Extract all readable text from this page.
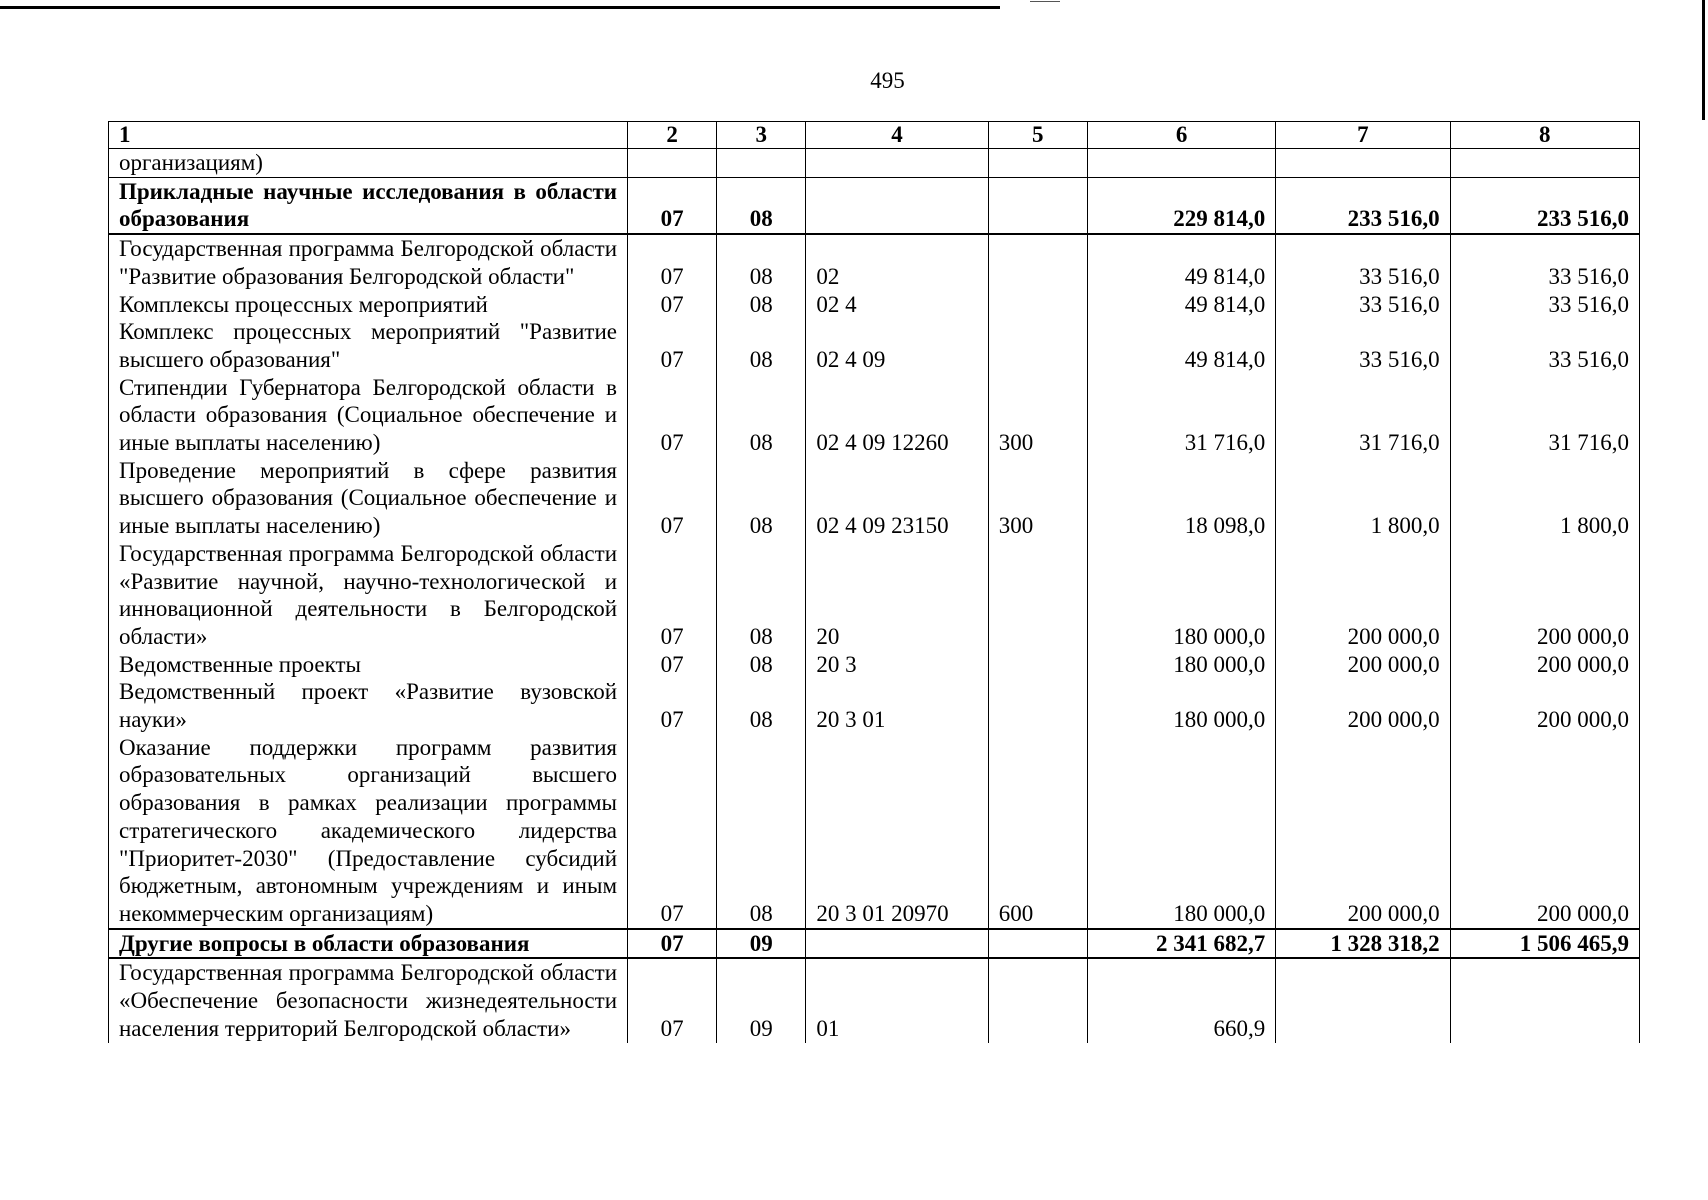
495
1	2	3	4	5	6	7	8
организациям)							
Прикладные научные исследования в области образования	07	08			229 814,0	233 516,0	233 516,0
Государственная программа Белгородской области "Развитие образования Белгородской области"	07	08	02		49 814,0	33 516,0	33 516,0
Комплексы процессных мероприятий	07	08	02 4		49 814,0	33 516,0	33 516,0
Комплекс процессных мероприятий "Развитие высшего образования"	07	08	02 4 09		49 814,0	33 516,0	33 516,0
Стипендии Губернатора Белгородской области в области образования (Социальное обеспечение и иные выплаты населению)	07	08	02 4 09 12260	300	31 716,0	31 716,0	31 716,0
Проведение мероприятий в сфере развития высшего образования (Социальное обеспечение и иные выплаты населению)	07	08	02 4 09 23150	300	18 098,0	1 800,0	1 800,0
Государственная программа Белгородской области «Развитие научной, научно-технологической и инновационной деятельности в Белгородской области»	07	08	20		180 000,0	200 000,0	200 000,0
Ведомственные проекты	07	08	20 3		180 000,0	200 000,0	200 000,0
Ведомственный проект «Развитие вузовской науки»	07	08	20 3 01		180 000,0	200 000,0	200 000,0
Оказание поддержки программ развития образовательных организаций высшего образования в рамках реализации программы стратегического академического лидерства "Приоритет-2030" (Предоставление субсидий бюджетным, автономным учреждениям и иным некоммерческим организациям)	07	08	20 3 01 20970	600	180 000,0	200 000,0	200 000,0
Другие вопросы в области образования	07	09			2 341 682,7	1 328 318,2	1 506 465,9
Государственная программа Белгородской области «Обеспечение безопасности жизнедеятельности населения территорий Белгородской области»	07	09	01		660,9		
